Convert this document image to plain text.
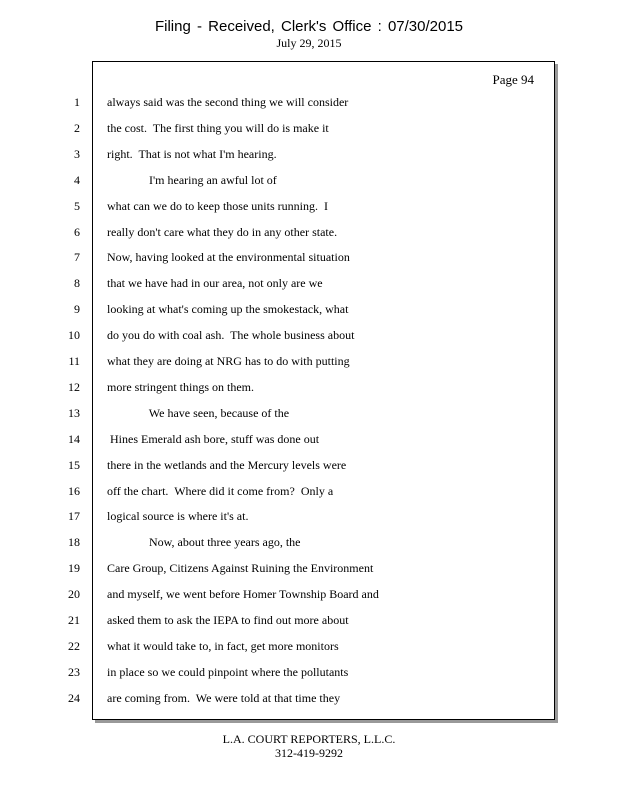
Filing - Received, Clerk's Office : 07/30/2015
July 29, 2015
Page 94
1 always said was the second thing we will consider
2 the cost.  The first thing you will do is make it
3 right.  That is not what I'm hearing.
4 I'm hearing an awful lot of
5 what can we do to keep those units running.  I
6 really don't care what they do in any other state.
7 Now, having looked at the environmental situation
8 that we have had in our area, not only are we
9 looking at what's coming up the smokestack, what
10 do you do with coal ash.  The whole business about
11 what they are doing at NRG has to do with putting
12 more stringent things on them.
13 We have seen, because of the
14 Hines Emerald ash bore, stuff was done out
15 there in the wetlands and the Mercury levels were
16 off the chart.  Where did it come from?  Only a
17 logical source is where it's at.
18 Now, about three years ago, the
19 Care Group, Citizens Against Ruining the Environment
20 and myself, we went before Homer Township Board and
21 asked them to ask the IEPA to find out more about
22 what it would take to, in fact, get more monitors
23 in place so we could pinpoint where the pollutants
24 are coming from.  We were told at that time they
L.A. COURT REPORTERS, L.L.C.
312-419-9292
